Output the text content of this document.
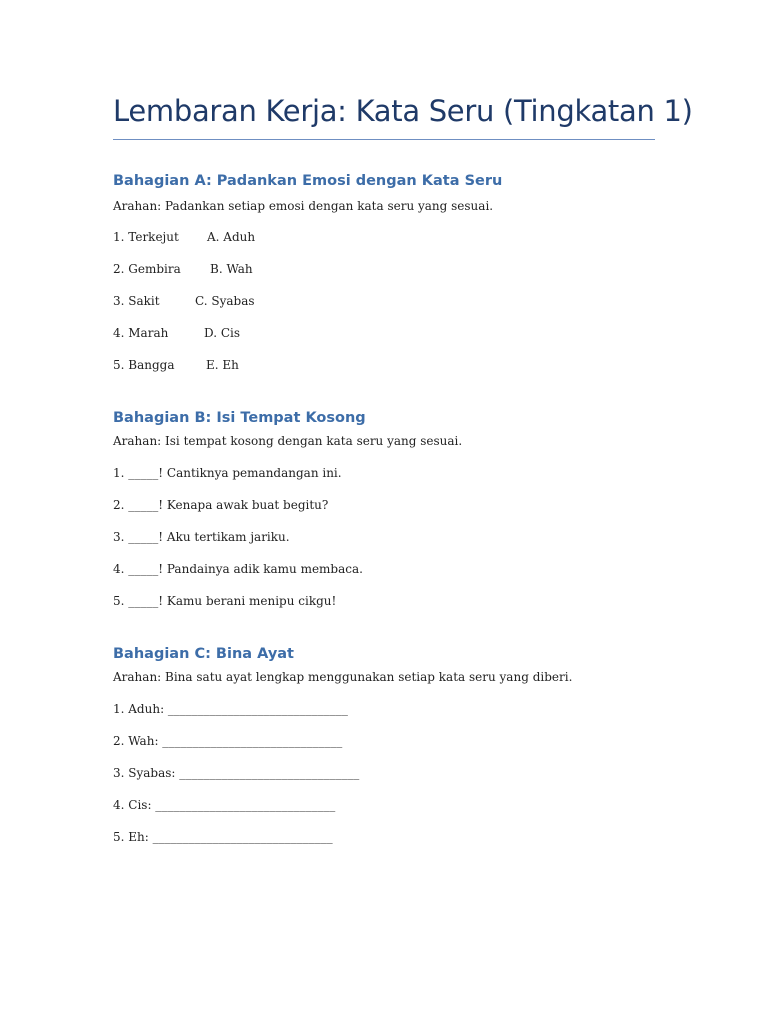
Lembaran Kerja: Kata Seru (Tingkatan 1)
Bahagian A: Padankan Emosi dengan Kata Seru

Arahan: Padankan setiap emosi dengan kata seru yang sesuai.

1. Terkejut A. Aduh
2. Gembira B. Wah
3. Sakit	C. Syabas
4. Marah	D. Cis
5. Bangga	E. Eh
Bahagian B: Isi Tempat Kosong

Arahan: Isi tempat kosong dengan kata seru yang sesuai.

1. _____! Cantiknya pemandangan ini.

2. _____! Kenapa awak buat begitu?

3. _____! Aku tertikam jariku.

4. _____! Pandainya adik kamu membaca.

5. _____! Kamu berani menipu cikgu!

Bahagian C: Bina Ayat

Arahan: Bina satu ayat lengkap menggunakan setiap kata seru yang diberi.

1. Aduh: ______________________________

2. Wah: ______________________________

3. Syabas: ______________________________

4. Cis: ______________________________

5. Eh: ______________________________
